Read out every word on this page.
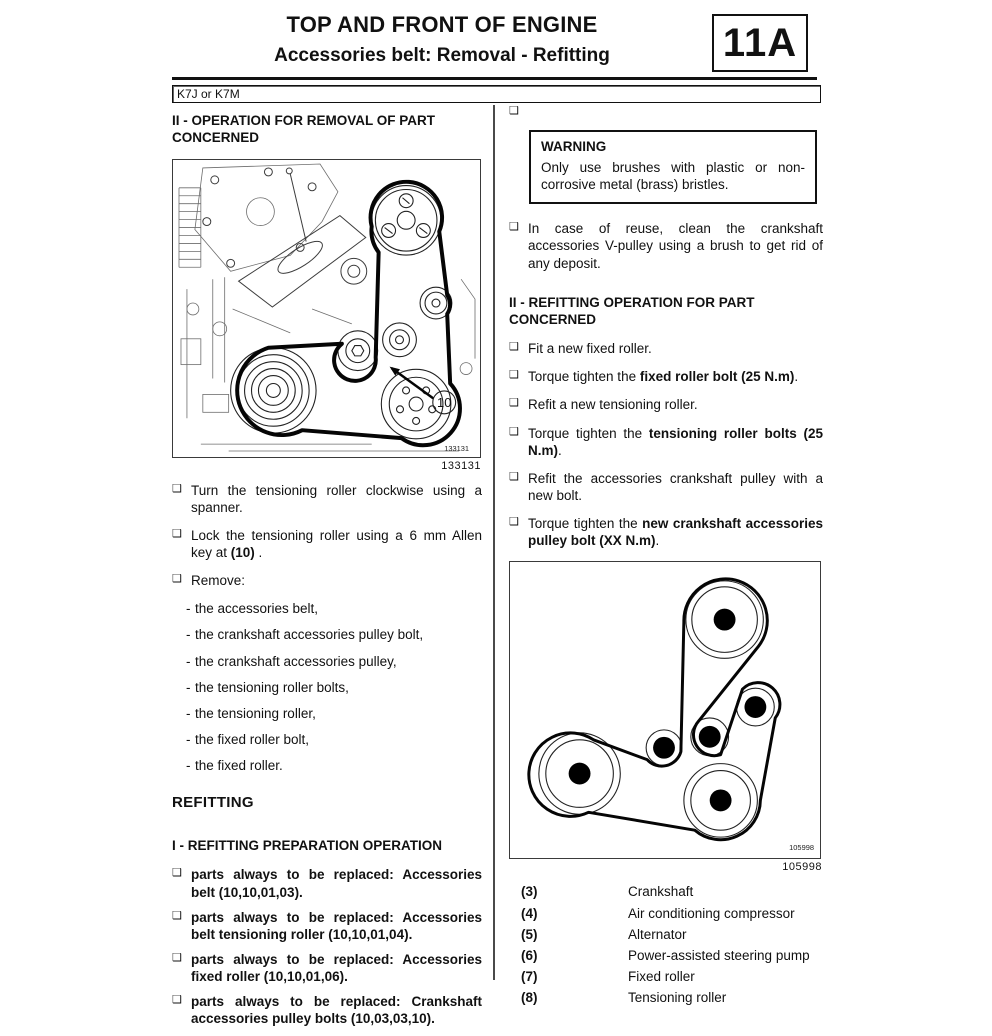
TOP AND FRONT OF ENGINE
Accessories belt: Removal - Refitting	11A
K7J or K7M
II - OPERATION FOR REMOVAL OF PART CONCERNED
10
133131
133131
❑ Turn the tensioning roller clockwise using a spanner.
❑ Lock the tensioning roller using a 6 mm Allen key at (10) .
❑ Remove:
- the accessories belt,
- the crankshaft accessories pulley bolt,
- the crankshaft accessories pulley,
- the tensioning roller bolts,
- the tensioning roller,
- the fixed roller bolt,
- the fixed roller.
REFITTING
I - REFITTING PREPARATION OPERATION
❑ parts always to be replaced: Accessories belt (10,10,01,03).
❑ parts always to be replaced: Accessories belt tensioning roller (10,10,01,04).
❑ parts always to be replaced: Accessories fixed roller (10,10,01,06).
❑ parts always to be replaced: Crankshaft accessories pulley bolts (10,03,03,10).
❑
WARNING
Only use brushes with plastic or non-corrosive metal (brass) bristles.
❑ In case of reuse, clean the crankshaft accessories V-pulley using a brush to get rid of any deposit.
II - REFITTING OPERATION FOR PART CONCERNED
❑ Fit a new fixed roller.
❑ Torque tighten the fixed roller bolt (25 N.m).
❑ Refit a new tensioning roller.
❑ Torque tighten the tensioning roller bolts (25 N.m).
❑ Refit the accessories crankshaft pulley with a new bolt.
❑ Torque tighten the new crankshaft accessories pulley bolt (XX N.m).
3
4
5
6
7
8
105998
105998
(3)	Crankshaft
(4)	Air conditioning compressor
(5)	Alternator
(6)	Power-assisted steering pump
(7)	Fixed roller
(8)	Tensioning roller
